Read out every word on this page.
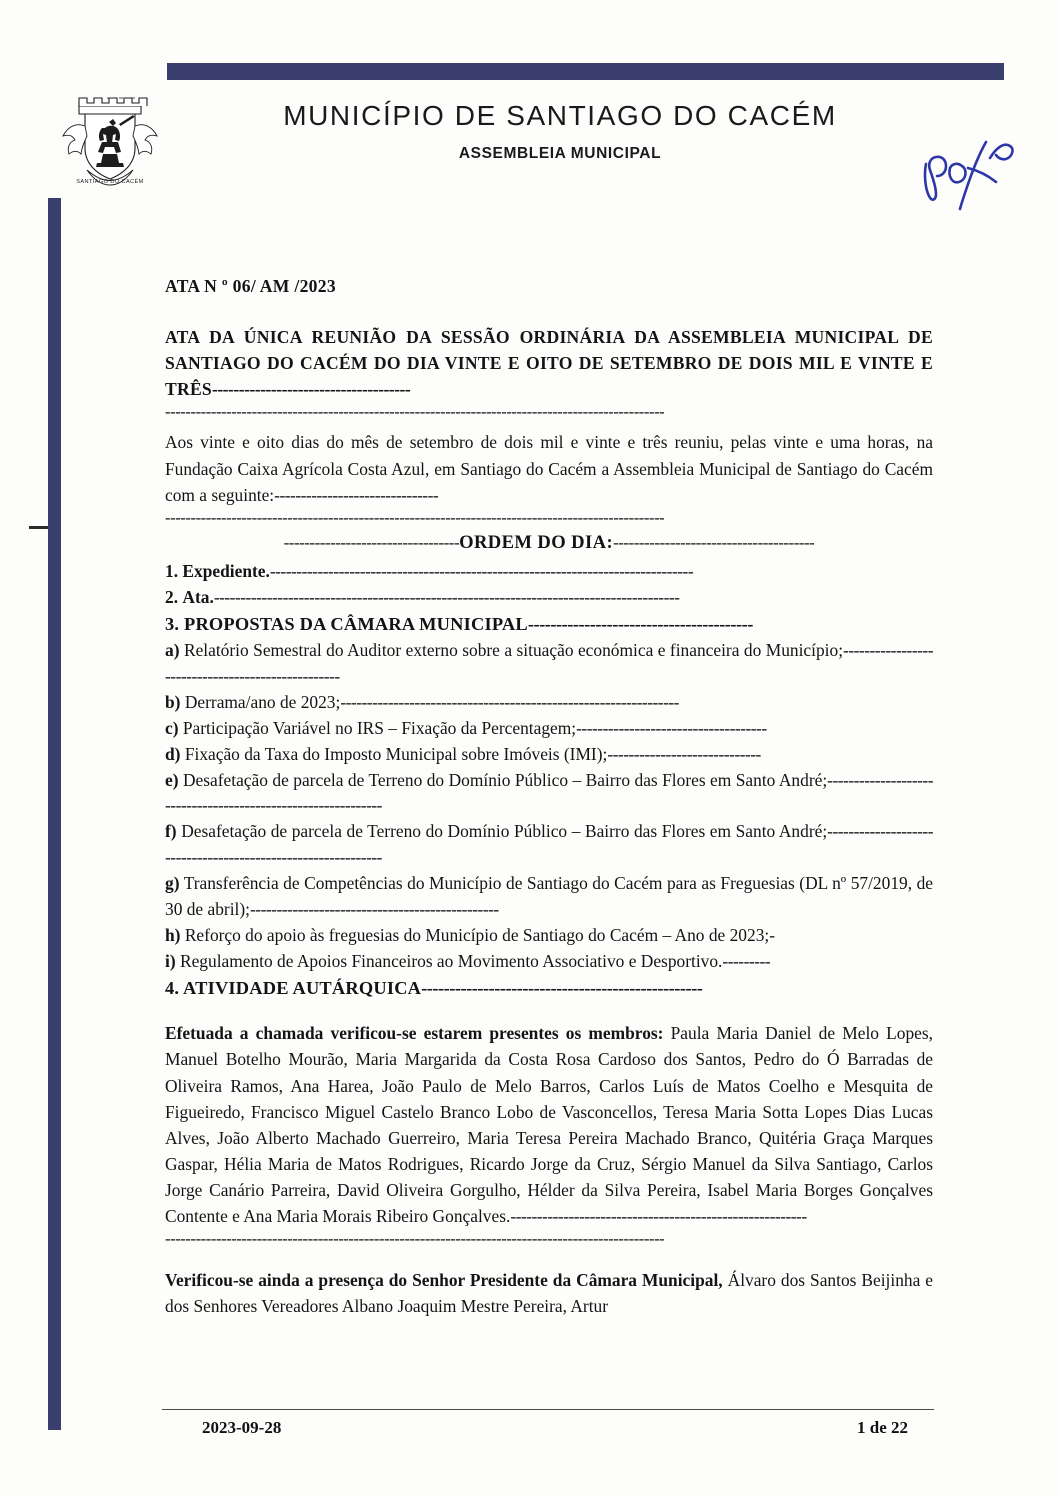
SANTIAGO DO CACÉM
MUNICÍPIO DE SANTIAGO DO CACÉM
ASSEMBLEIA MUNICIPAL
ATA N º 06/ AM /2023
ATA DA ÚNICA REUNIÃO DA SESSÃO ORDINÁRIA DA ASSEMBLEIA MUNICIPAL DE SANTIAGO DO CACÉM DO DIA VINTE E OITO DE SETEMBRO DE DOIS MIL E VINTE E TRÊS-------------------------------------
--------------------------------------------------------------------------------------------------
Aos vinte e oito dias do mês de setembro de dois mil e vinte e três reuniu, pelas vinte e uma horas, na Fundação Caixa Agrícola Costa Azul, em Santiago do Cacém a Assembleia Municipal de Santiago do Cacém com a seguinte:-------------------------------
--------------------------------------------------------------------------------------------------
----------------------------------ORDEM DO DIA:---------------------------------------
1. Expediente.--------------------------------------------------------------------------------
2. Ata.----------------------------------------------------------------------------------------
3. PROPOSTAS DA CÂMARA MUNICIPAL----------------------------------------
a) Relatório Semestral do Auditor externo sobre a situação económica e financeira do Município;--------------------------------------------------
b) Derrama/ano de 2023;----------------------------------------------------------------
c) Participação Variável no IRS – Fixação da Percentagem;------------------------------------
d) Fixação da Taxa do Imposto Municipal sobre Imóveis (IMI);-----------------------------
e) Desafetação de parcela de Terreno do Domínio Público – Bairro das Flores em Santo André;-------------------------------------------------------------
f) Desafetação de parcela de Terreno do Domínio Público – Bairro das Flores em Santo André;-------------------------------------------------------------
g) Transferência de Competências do Município de Santiago do Cacém para as Freguesias (DL nº 57/2019, de 30 de abril);-----------------------------------------------
h) Reforço do apoio às freguesias do Município de Santiago do Cacém – Ano de 2023;-
i) Regulamento de Apoios Financeiros ao Movimento Associativo e Desportivo.---------
4. ATIVIDADE AUTÁRQUICA--------------------------------------------------
Efetuada a chamada verificou-se estarem presentes os membros: Paula Maria Daniel de Melo Lopes, Manuel Botelho Mourão, Maria Margarida da Costa Rosa Cardoso dos Santos, Pedro do Ó Barradas de Oliveira Ramos, Ana Harea, João Paulo de Melo Barros, Carlos Luís de Matos Coelho e Mesquita de Figueiredo, Francisco Miguel Castelo Branco Lobo de Vasconcellos, Teresa Maria Sotta Lopes Dias Lucas Alves, João Alberto Machado Guerreiro, Maria Teresa Pereira Machado Branco, Quitéria Graça Marques Gaspar, Hélia Maria de Matos Rodrigues, Ricardo Jorge da Cruz, Sérgio Manuel da Silva Santiago, Carlos Jorge Canário Parreira, David Oliveira Gorgulho, Hélder da Silva Pereira, Isabel Maria Borges Gonçalves Contente e Ana Maria Morais Ribeiro Gonçalves.--------------------------------------------------------
--------------------------------------------------------------------------------------------------
Verificou-se ainda a presença do Senhor Presidente da Câmara Municipal, Álvaro dos Santos Beijinha e dos Senhores Vereadores Albano Joaquim Mestre Pereira, Artur
2023-09-28	1 de 22
